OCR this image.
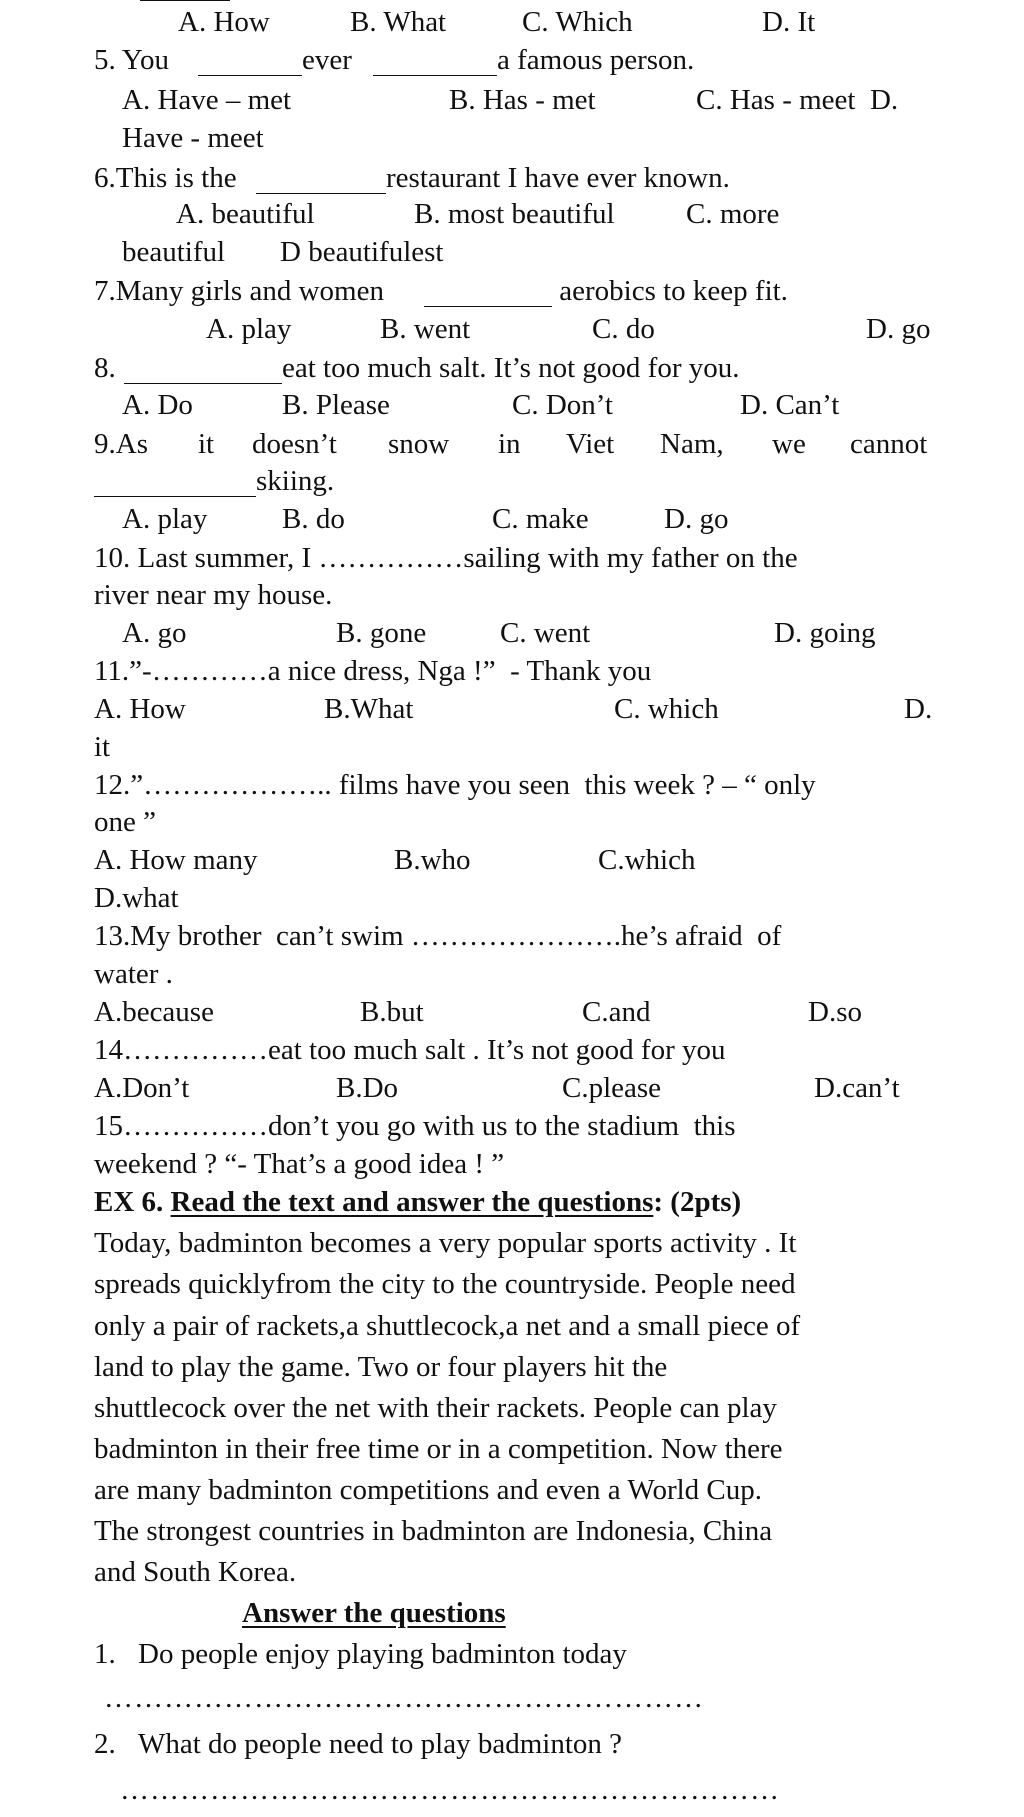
A. How	B. What	C. Which	D. It
5. You	ever	a famous person.
A. Have – met	B. Has - met	C. Has - meet  D.
Have - meet
6.This is the	restaurant I have ever known.
A. beautiful	B. most beautiful C. more
beautiful D beautifulest
7.Many girls and women	aerobics to keep fit.
A. play	B. went	C. do	D. go
8.	eat too much salt. It’s not good for you.
A. Do	B. Please	C. Don’t	D. Can’t
9.As it doesn’t snow in Viet Nam, we cannot
skiing.
A. play	B. do	C. make	D. go
10. Last summer, I ……………sailing with my father on the
river near my house.
A. go	B. gone	C. went	D. going
11.”-…………a nice dress, Nga !”  - Thank you
A. How	B.What	C. which	D.
it
12.”……………….. films have you seen  this week ? – “ only
one ”
A. How many	B.who	C.which
D.what
13.My brother  can’t swim ………………….he’s afraid  of
water .
A.because	B.but	C.and	D.so
14……………eat too much salt . It’s not good for you
A.Don’t	B.Do	C.please	D.can’t
15……………don’t you go with us to the stadium  this
weekend ? “- That’s a good idea ! ”
EX 6. Read the text and answer the questions: (2pts)
Today, badminton becomes a very popular sports activity . It
spreads quicklyfrom the city to the countryside. People need
only a pair of rackets,a shuttlecock,a net and a small piece of
land to play the game. Two or four players hit the
shuttlecock over the net with their rackets. People can play
badminton in their free time or in a competition. Now there
are many badminton competitions and even a World Cup.
The strongest countries in badminton are Indonesia, China
and South Korea.
Answer the questions
1. Do people enjoy playing badminton today
……………………………………………………
2. What do people need to play badminton ?
…………………………………………………………
